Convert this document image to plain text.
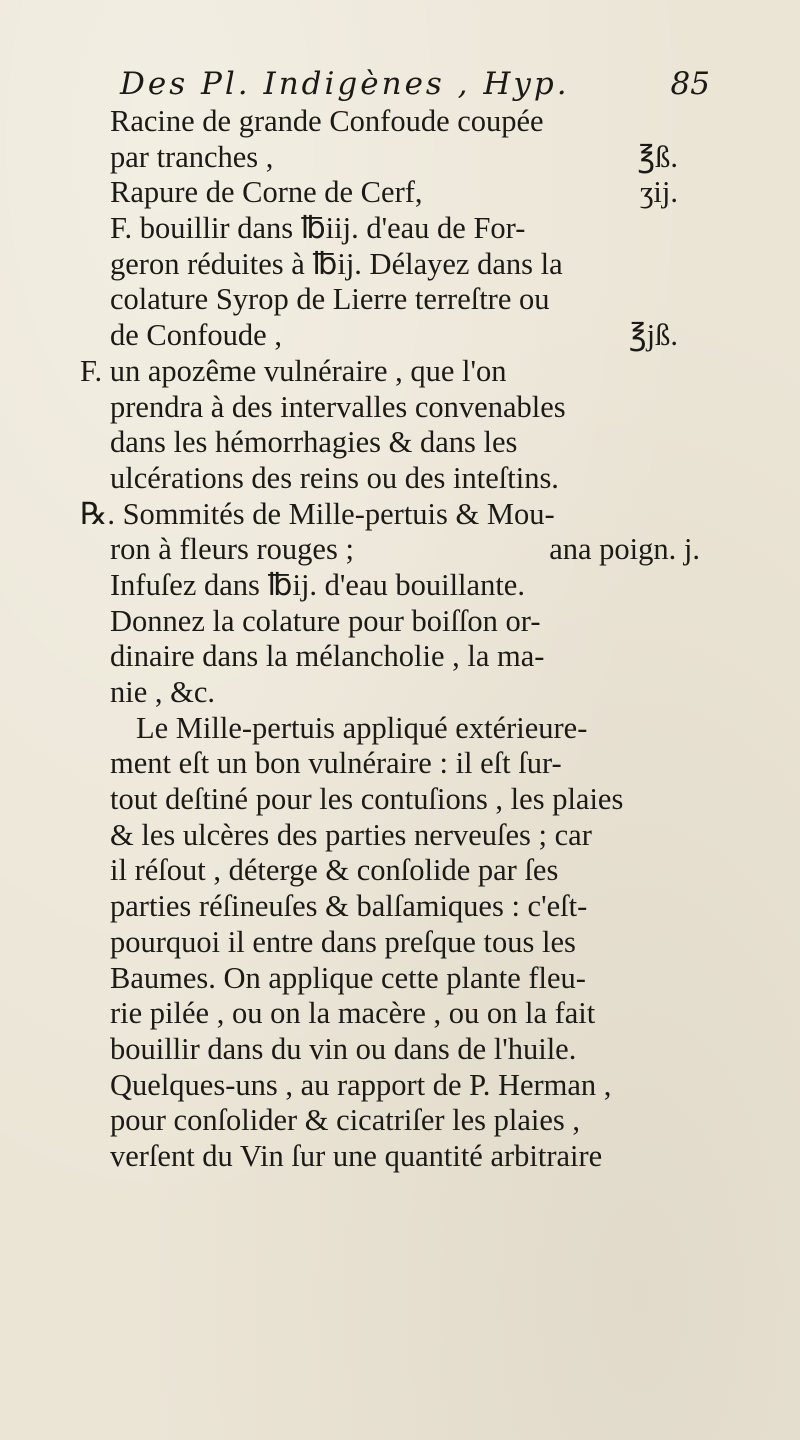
Des Pl. Indigènes , Hyp.	85
Racine de grande Confoude coupée
par tranches ,	℥ß.
Rapure de Corne de Cerf,	ʒij.
F. bouillir dans ℔iij. d'eau de For-
geron réduites à ℔ij. Délayez dans la
colature Syrop de Lierre terreſtre ou
de Confoude ,	℥jß.
F. un apozême vulnéraire , que l'on
prendra à des intervalles convenables
dans les hémorrhagies & dans les
ulcérations des reins ou des inteſtins.
℞. Sommités de Mille-pertuis & Mou-
ron à fleurs rouges ;	ana poign. j.
Infuſez dans ℔ij. d'eau bouillante.
Donnez la colature pour boiſſon or-
dinaire dans la mélancholie , la ma-
nie , &c.
Le Mille-pertuis appliqué extérieure-
ment eſt un bon vulnéraire : il eſt ſur-
tout deſtiné pour les contuſions , les plaies
& les ulcères des parties nerveuſes ; car
il réſout , déterge & conſolide par ſes
parties réſineuſes & balſamiques : c'eſt-
pourquoi il entre dans preſque tous les
Baumes. On applique cette plante fleu-
rie pilée , ou on la macère , ou on la fait
bouillir dans du vin ou dans de l'huile.
Quelques-uns , au rapport de P. Herman ,
pour conſolider & cicatriſer les plaies ,
verſent du Vin ſur une quantité arbitraire
